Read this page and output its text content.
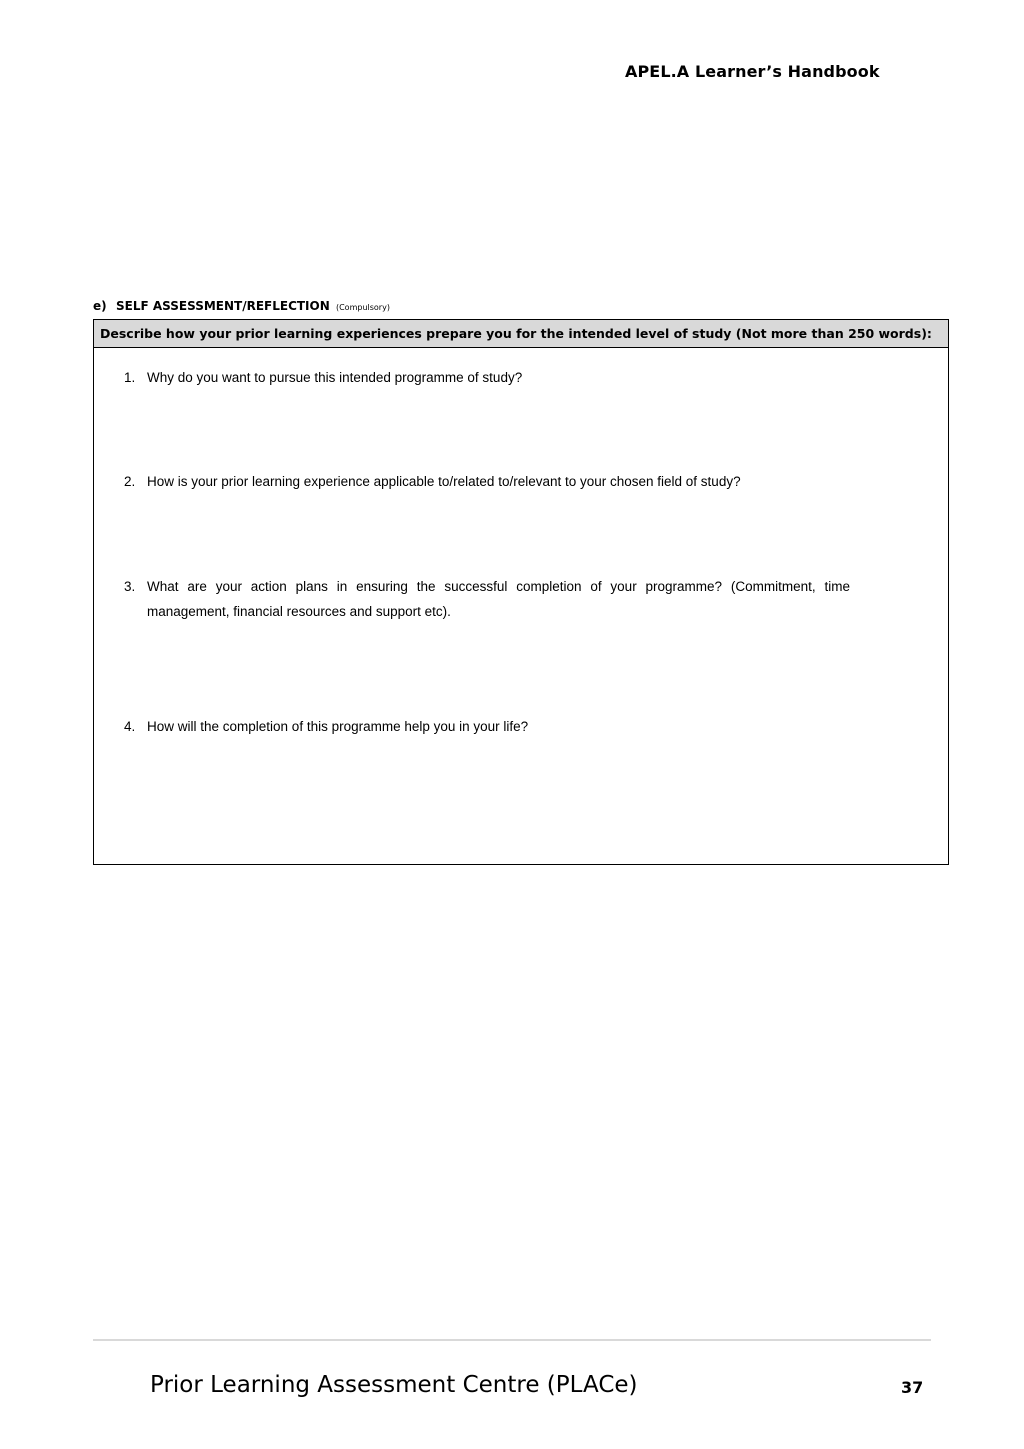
APEL.A Learner’s Handbook
e) SELF ASSESSMENT/REFLECTION (Compulsory)
Describe how your prior learning experiences prepare you for the intended level of study (Not more than 250 words):
1. Why do you want to pursue this intended programme of study?
2. How is your prior learning experience applicable to/related to/relevant to your chosen field of study?
3. What are your action plans in ensuring the successful completion of your programme? (Commitment, time management, financial resources and support etc).
4. How will the completion of this programme help you in your life?
Prior Learning Assessment Centre (PLACe)	37
